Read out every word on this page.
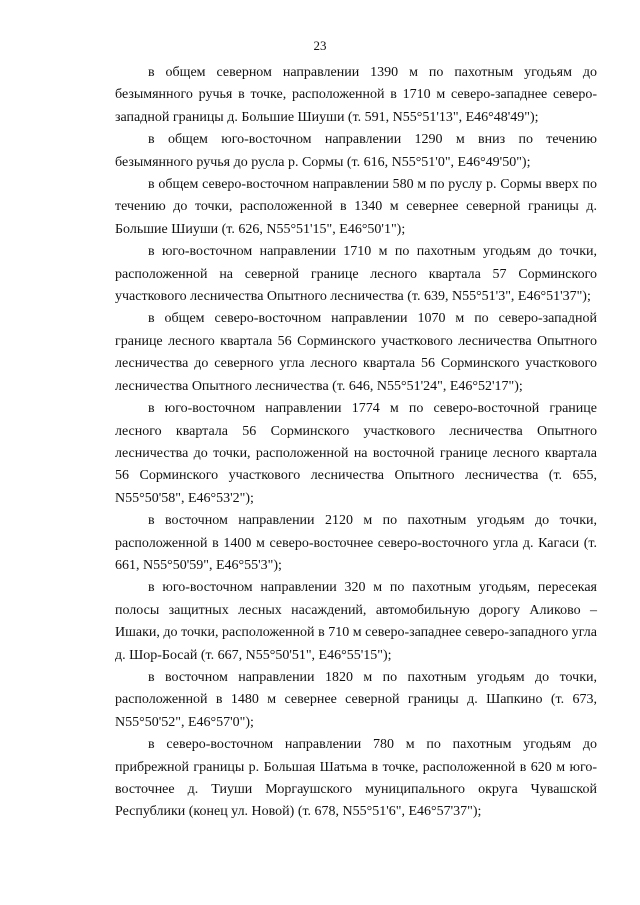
23

в общем северном направлении 1390 м по пахотным угодьям до безымянного ручья в точке, расположенной в 1710 м северо-западнее северо-западной границы д. Большие Шиуши (т. 591, N55°51'13", E46°48'49");

в общем юго-восточном направлении 1290 м вниз по течению безымянного ручья до русла р. Сормы (т. 616, N55°51'0", E46°49'50");

в общем северо-восточном направлении 580 м по руслу р. Сормы вверх по течению до точки, расположенной в 1340 м севернее северной границы д. Большие Шиуши (т. 626, N55°51'15", E46°50'1");

в юго-восточном направлении 1710 м по пахотным угодьям до точки, расположенной на северной границе лесного квартала 57 Сорминского участкового лесничества Опытного лесничества (т. 639, N55°51'3", E46°51'37");

в общем северо-восточном направлении 1070 м по северо-западной границе лесного квартала 56 Сорминского участкового лесничества Опытного лесничества до северного угла лесного квартала 56 Сорминского участкового лесничества Опытного лесничества (т. 646, N55°51'24", E46°52'17");

в юго-восточном направлении 1774 м по северо-восточной границе лесного квартала 56 Сорминского участкового лесничества Опытного лесничества до точки, расположенной на восточной границе лесного квартала 56 Сорминского участкового лесничества Опытного лесничества (т. 655, N55°50'58", E46°53'2");

в восточном направлении 2120 м по пахотным угодьям до точки, расположенной в 1400 м северо-восточнее северо-восточного угла д. Кагаси (т. 661, N55°50'59", E46°55'3");

в юго-восточном направлении 320 м по пахотным угодьям, пересекая полосы защитных лесных насаждений, автомобильную дорогу Аликово – Ишаки, до точки, расположенной в 710 м северо-западнее северо-западного угла д. Шор-Босай (т. 667, N55°50'51", E46°55'15");

в восточном направлении 1820 м по пахотным угодьям до точки, расположенной в 1480 м севернее северной границы д. Шапкино (т. 673, N55°50'52", E46°57'0");

в северо-восточном направлении 780 м по пахотным угодьям до прибрежной границы р. Большая Шатьма в точке, расположенной в 620 м юго-восточнее д. Тиуши Моргаушского муниципального округа Чувашской Республики (конец ул. Новой) (т. 678, N55°51'6", E46°57'37");
